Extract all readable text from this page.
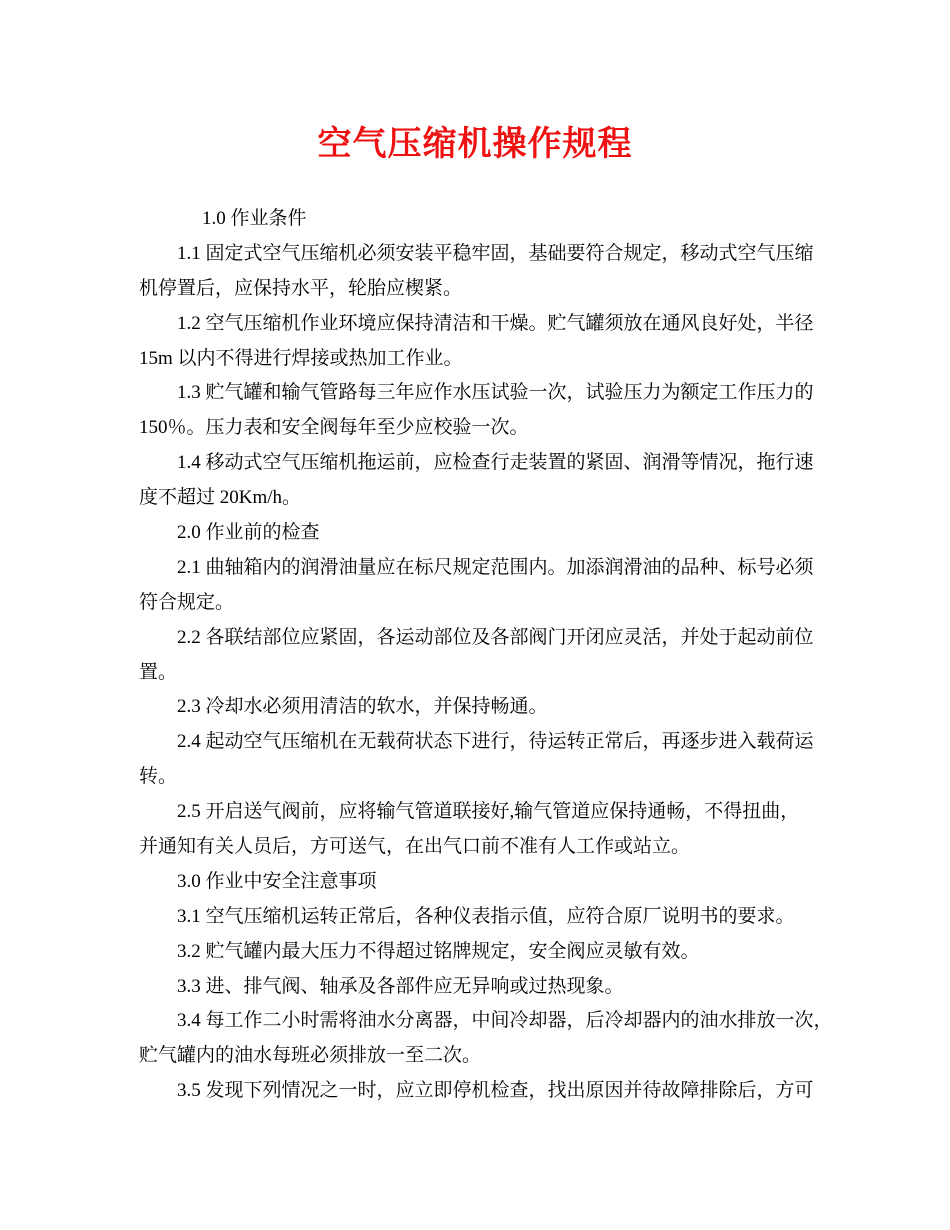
空气压缩机操作规程
1.0 作业条件
1.1 固定式空气压缩机必须安装平稳牢固，基础要符合规定，移动式空气压缩
机停置后，应保持水平，轮胎应楔紧。
1.2 空气压缩机作业环境应保持清洁和干燥。贮气罐须放在通风良好处，半径
15m 以内不得进行焊接或热加工作业。
1.3 贮气罐和输气管路每三年应作水压试验一次，试验压力为额定工作压力的
150％。压力表和安全阀每年至少应校验一次。
1.4 移动式空气压缩机拖运前，应检查行走装置的紧固、润滑等情况，拖行速
度不超过 20Km/h。
2.0 作业前的检查
2.1 曲轴箱内的润滑油量应在标尺规定范围内。加添润滑油的品种、标号必须
符合规定。
2.2 各联结部位应紧固，各运动部位及各部阀门开闭应灵活，并处于起动前位
置。
2.3 冷却水必须用清洁的软水，并保持畅通。
2.4 起动空气压缩机在无载荷状态下进行，待运转正常后，再逐步进入载荷运
转。
2.5 开启送气阀前，应将输气管道联接好,输气管道应保持通畅，不得扭曲，
并通知有关人员后，方可送气，在出气口前不准有人工作或站立。
3.0 作业中安全注意事项
3.1 空气压缩机运转正常后，各种仪表指示值，应符合原厂说明书的要求。
3.2 贮气罐内最大压力不得超过铭牌规定，安全阀应灵敏有效。
3.3 进、排气阀、轴承及各部件应无异响或过热现象。
3.4 每工作二小时需将油水分离器，中间冷却器，后冷却器内的油水排放一次，
贮气罐内的油水每班必须排放一至二次。
3.5 发现下列情况之一时，应立即停机检查，找出原因并待故障排除后，方可
